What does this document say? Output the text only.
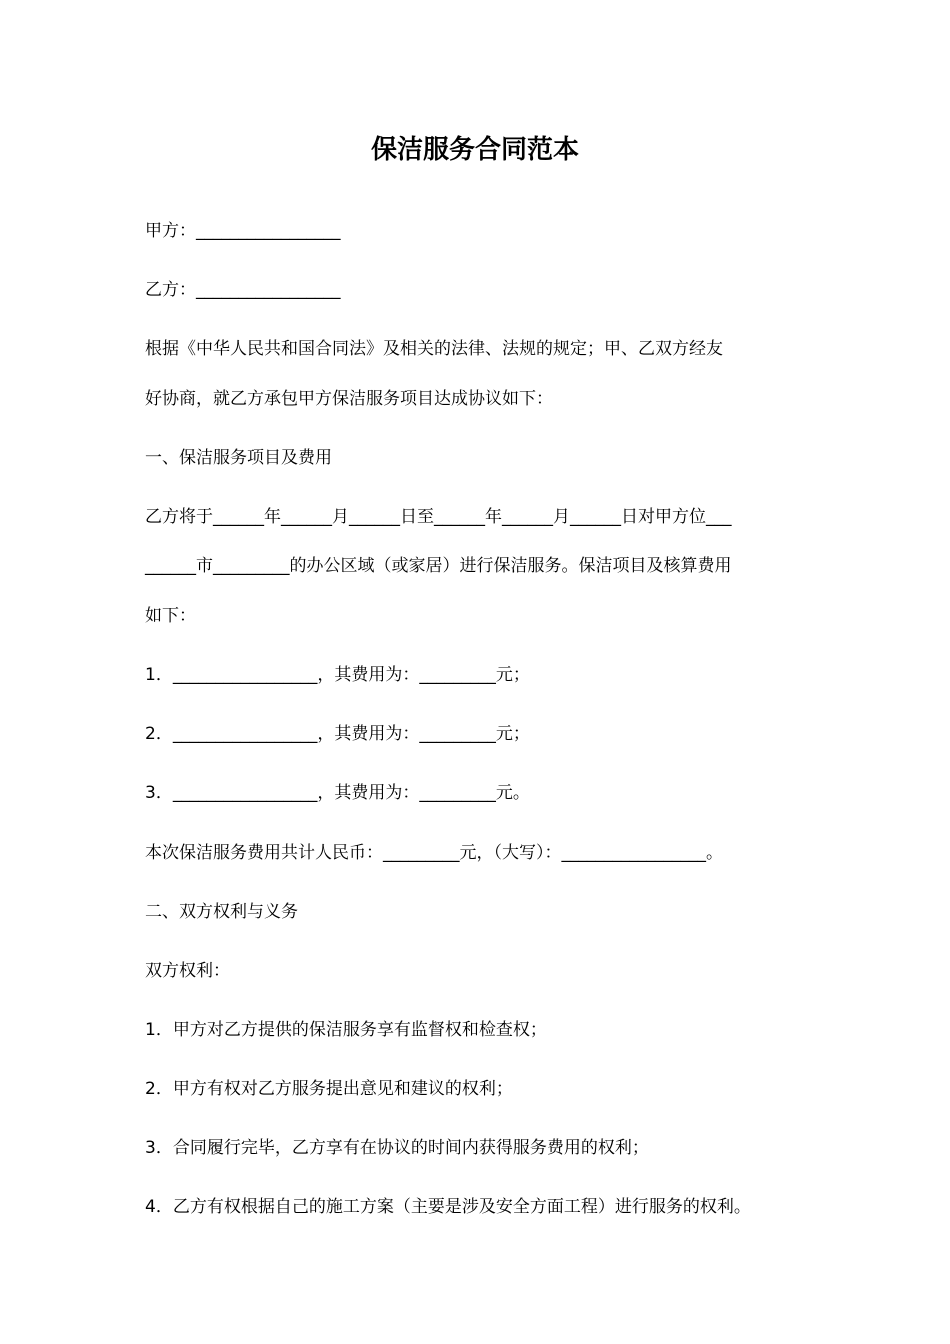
保洁服务合同范本

甲方：_________________

乙方：_________________

根据《中华人民共和国合同法》及相关的法律、法规的规定；甲、乙双方经友

好协商，就乙方承包甲方保洁服务项目达成协议如下：

一、保洁服务项目及费用

乙方将于______年______月______日至______年______月______日对甲方位___

______市_________的办公区域（或家居）进行保洁服务。保洁项目及核算费用

如下：

1．_________________，其费用为：_________元；

2．_________________，其费用为：_________元；

3．_________________，其费用为：_________元。

本次保洁服务费用共计人民币：_________元，（大写）：_________________。

二、双方权利与义务

双方权利：

1．甲方对乙方提供的保洁服务享有监督权和检查权；

2．甲方有权对乙方服务提出意见和建议的权利；

3．合同履行完毕，乙方享有在协议的时间内获得服务费用的权利；

4．乙方有权根据自己的施工方案（主要是涉及安全方面工程）进行服务的权利。
